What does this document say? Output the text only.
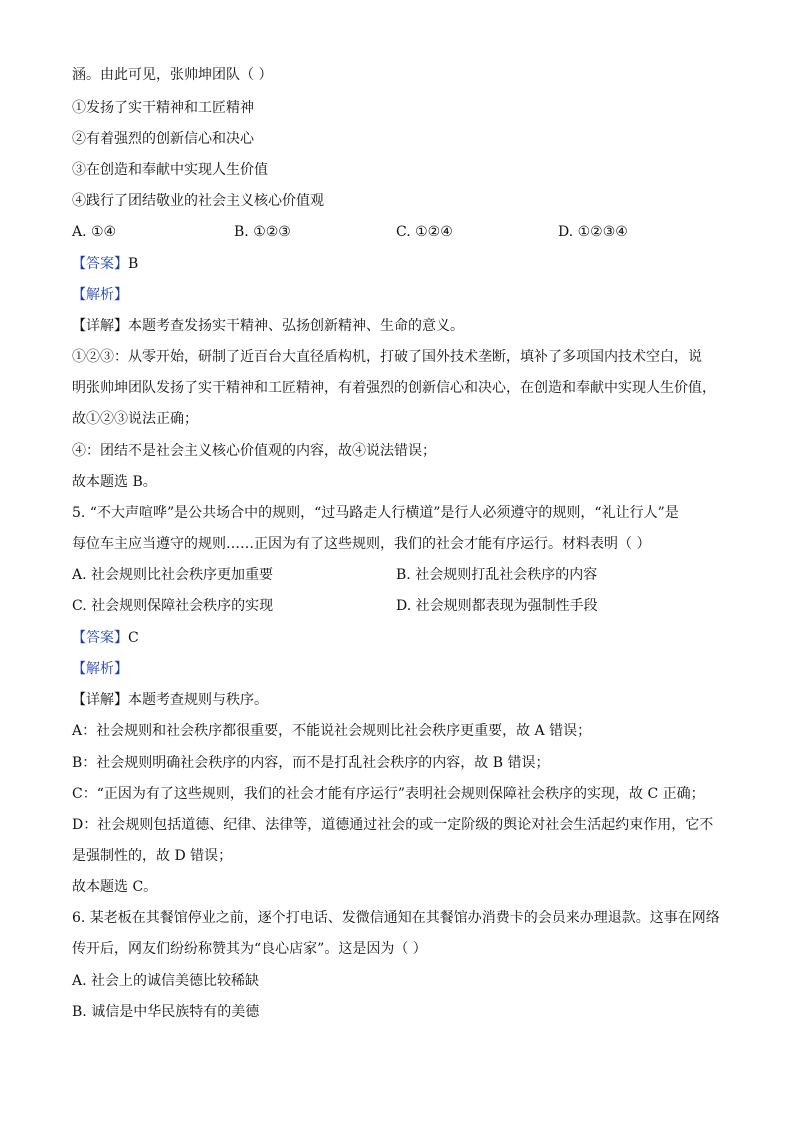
涵。由此可见，张帅坤团队（ ）
①发扬了实干精神和工匠精神
②有着强烈的创新信心和决心
③在创造和奉献中实现人生价值
④践行了团结敬业的社会主义核心价值观
A. ①④	B. ①②③	C. ①②④	D. ①②③④
【答案】B
【解析】
【详解】本题考查发扬实干精神、弘扬创新精神、生命的意义。
①②③：从零开始，研制了近百台大直径盾构机，打破了国外技术垄断，填补了多项国内技术空白，说
明张帅坤团队发扬了实干精神和工匠精神，有着强烈的创新信心和决心，在创造和奉献中实现人生价值，
故①②③说法正确；
④：团结不是社会主义核心价值观的内容，故④说法错误；
故本题选 B。
5. “不大声喧哗”是公共场合中的规则，“过马路走人行横道”是行人必须遵守的规则，“礼让行人”是
每位车主应当遵守的规则……正因为有了这些规则，我们的社会才能有序运行。材料表明（ ）
A. 社会规则比社会秩序更加重要	B. 社会规则打乱社会秩序的内容
C. 社会规则保障社会秩序的实现	D. 社会规则都表现为强制性手段
【答案】C
【解析】
【详解】本题考查规则与秩序。
A：社会规则和社会秩序都很重要，不能说社会规则比社会秩序更重要，故 A 错误；
B：社会规则明确社会秩序的内容，而不是打乱社会秩序的内容，故 B 错误；
C：“正因为有了这些规则，我们的社会才能有序运行”表明社会规则保障社会秩序的实现，故 C 正确；
D：社会规则包括道德、纪律、法律等，道德通过社会的或一定阶级的舆论对社会生活起约束作用，它不
是强制性的，故 D 错误；
故本题选 C。
6. 某老板在其餐馆停业之前，逐个打电话、发微信通知在其餐馆办消费卡的会员来办理退款。这事在网络
传开后，网友们纷纷称赞其为“良心店家”。这是因为（ ）
A. 社会上的诚信美德比较稀缺
B. 诚信是中华民族特有的美德
